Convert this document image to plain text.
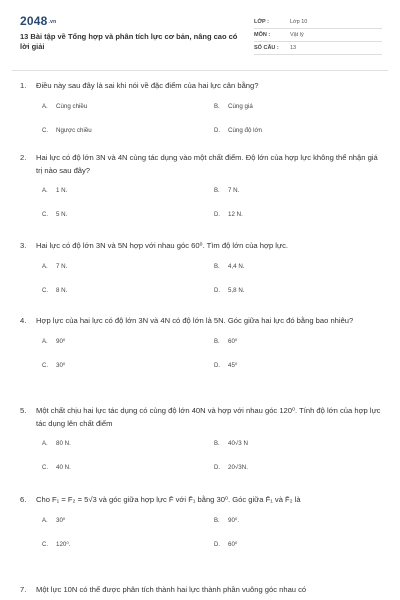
2048.vn
13 Bài tập về Tổng hợp và phân tích lực cơ bản, nâng cao có lời giải
LỚP :	Lớp 10
MÔN :	Vật lý
SỐ CÂU : 13
1. Điều này sau đây là sai khi nói về đặc điểm của hai lực cân bằng?
A. Cùng chiều	B. Cùng giá
C. Ngược chiều	D. Cùng độ lớn
2. Hai lực có độ lớn 3N và 4N cùng tác dụng vào một chất điểm. Độ lớn của hợp lực không thể nhận giá trị nào sau đây?
A. 1 N.	B. 7 N.
C. 5 N.	D. 12 N.
3. Hai lực có độ lớn 3N và 5N hợp với nhau góc 60⁰. Tìm độ lớn của hợp lực.
A. 7 N.	B. 4,4 N.
C. 8 N.	D. 5,8 N.
4. Hợp lực của hai lực có độ lớn 3N và 4N có độ lớn là 5N. Góc giữa hai lực đó bằng bao nhiêu?
A. 90⁰	B. 60⁰
C. 30⁰	D. 45⁰
5. Một chất chịu hai lực tác dụng có cùng độ lớn 40N và hợp với nhau góc 120⁰. Tính độ lớn của hợp lực tác dụng lên chất điểm
A. 80 N.	B. 40√3 N
C. 40 N.	D. 20√3N.
6. Cho F₁ = F₂ = 5√3 và góc giữa hợp lực F̄ với F̄₁ bằng 30⁰. Góc giữa F̄₁ và F̄₂ là
A. 30⁰	B. 90⁰.
C. 120⁰.	D. 60⁰
7. Một lực 10N có thể được phân tích thành hai lực thành phần vuông góc nhau có
